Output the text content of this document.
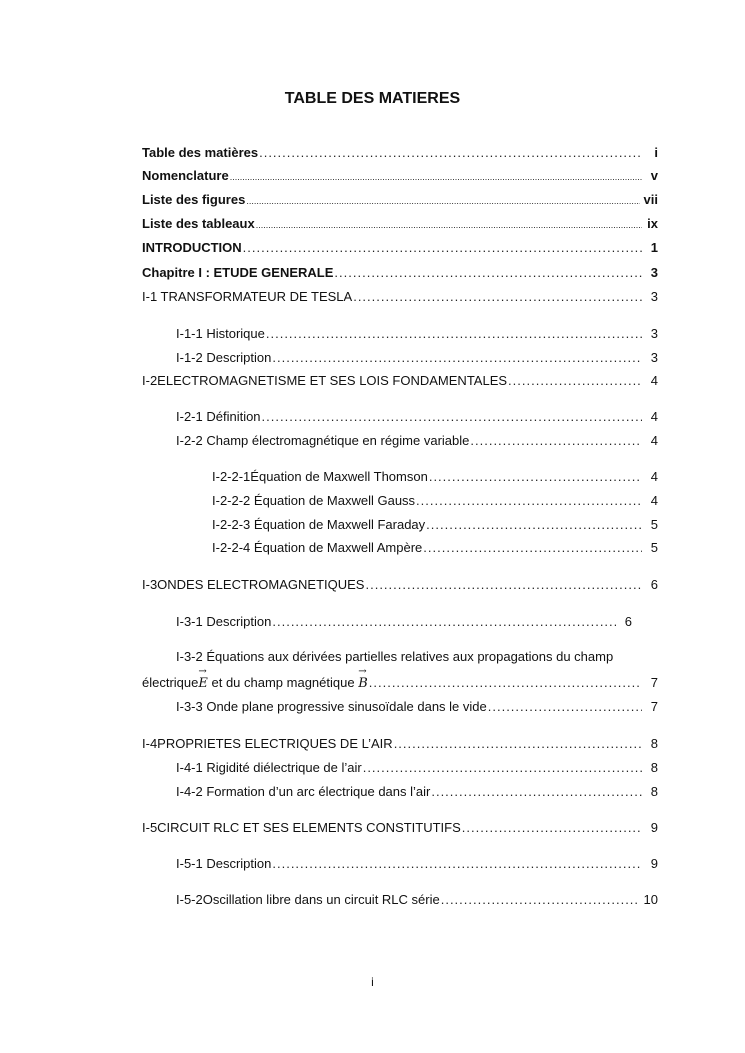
TABLE DES MATIERES
Table des matières .....	i
Nomenclature .....	v
Liste des figures .....	vii
Liste des tableaux .....	ix
INTRODUCTION .....	1
Chapitre I : ETUDE GENERALE .....	3
I-1 TRANSFORMATEUR DE TESLA .....	3
I-1-1 Historique .....	3
I-1-2 Description .....	3
I-2ELECTROMAGNETISME ET SES LOIS FONDAMENTALES .....	4
I-2-1 Définition .....	4
I-2-2 Champ électromagnétique en régime variable .....	4
I-2-2-1Équation de Maxwell Thomson .....	4
I-2-2-2 Équation de Maxwell Gauss .....	4
I-2-2-3 Équation de Maxwell Faraday .....	5
I-2-2-4 Équation de Maxwell Ampère .....	5
I-3ONDES ELECTROMAGNETIQUES .....	6
I-3-1 Description .....	6
I-3-2 Équations aux dérivées partielles relatives aux propagations du champ
électrique→ E et du champ magnétique → B .....	7
I-3-3 Onde plane progressive sinusoïdale dans le vide .....	7
I-4PROPRIETES ELECTRIQUES DE L’AIR .....	8
I-4-1 Rigidité diélectrique de l’air .....	8
I-4-2 Formation d’un arc électrique dans l’air .....	8
I-5CIRCUIT RLC ET SES ELEMENTS CONSTITUTIFS .....	9
I-5-1 Description .....	9
I-5-2Oscillation libre dans un circuit RLC série .....	10
i
